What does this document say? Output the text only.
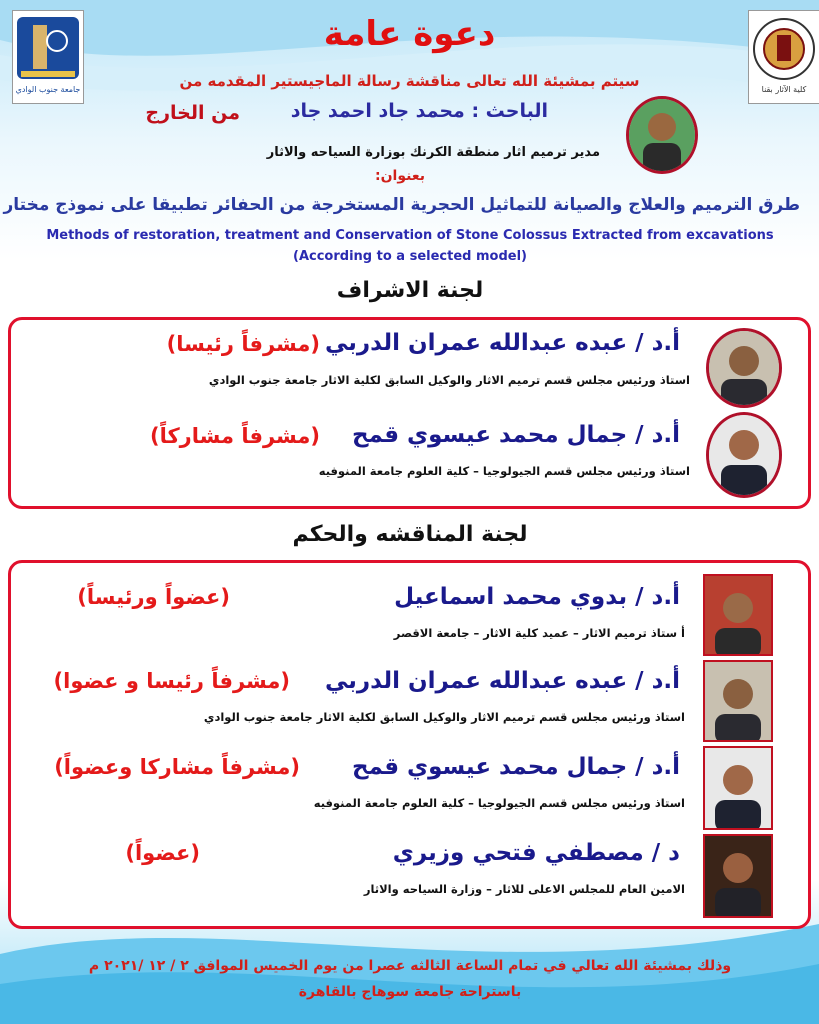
جامعة جنوب الوادي	كلية الآثار بقنا
دعوة عامة
سيتم بمشيئة الله تعالى مناقشة رسالة الماجيستير المقدمه من
الباحث : محمد جاد احمد جاد
من الخارج
مدير ترميم اثار منطقة الكرنك بوزارة السياحه والاثار
بعنوان:
طرق الترميم والعلاج والصيانة للتماثيل الحجرية المستخرجة من الحفائر تطبيقا على نموذج مختار
Methods of restoration, treatment and Conservation of Stone Colossus Extracted from excavations
(According to a selected model)
لجنة الاشراف
أ.د / عبده عبدالله عمران الدربي
(مشرفاً رئيسا)
استاذ ورئيس مجلس قسم ترميم الاثار والوكيل السابق لكلية الاثار جامعة جنوب الوادي
أ.د / جمال محمد عيسوي قمح
(مشرفاً مشاركاً)
استاذ ورئيس مجلس قسم الجيولوجيا – كلية العلوم جامعة المنوفيه
لجنة المناقشه والحكم
أ.د / بدوي محمد اسماعيل
(عضواً ورئيساً)
أ ستاذ ترميم الاثار – عميد كلية الاثار – جامعة الاقصر
أ.د / عبده عبدالله عمران الدربي
(مشرفاً رئيسا و عضوا)
استاذ ورئيس مجلس قسم ترميم الاثار والوكيل السابق لكلية الاثار جامعة جنوب الوادي
أ.د / جمال محمد عيسوي قمح
(مشرفاً مشاركا وعضواً)
استاذ ورئيس مجلس قسم الجيولوجيا – كلية العلوم جامعة المنوفيه
د / مصطفي فتحي وزيري
(عضواً)
الامين العام للمجلس الاعلى للاثار – وزارة السياحه والاثار
وذلك بمشيئة الله تعالي في تمام الساعة الثالثه عصرا من يوم الخميس الموافق ٢ / ١٢ /٢٠٢١ م
باستراحة جامعة سوهاج بالقاهرة
